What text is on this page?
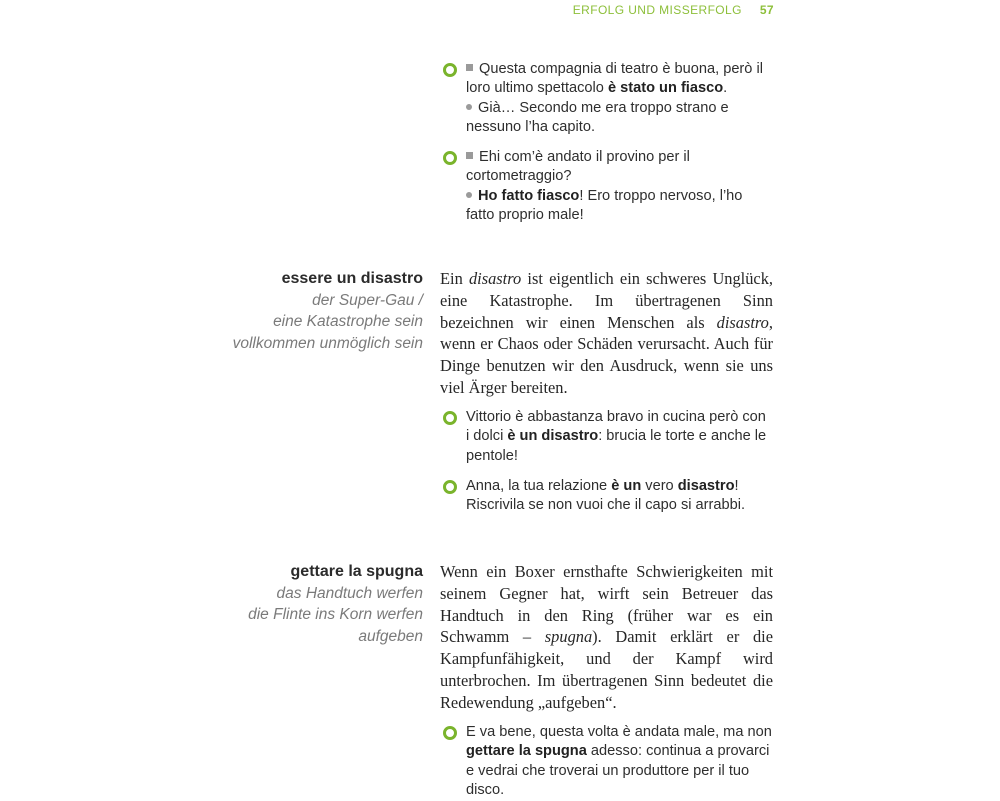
ERFOLG UND MISSERFOLG 57
Questa compagnia di teatro è buona, però il loro ultimo spettacolo è stato un fiasco.
Già… Secondo me era troppo strano e nessuno l’ha capito.
Ehi com’è andato il provino per il cortometraggio?
Ho fatto fiasco! Ero troppo nervoso, l’ho fatto proprio male!
essere un disastro
der Super-Gau /
eine Katastrophe sein
vollkommen unmöglich sein
Ein disastro ist eigentlich ein schweres Unglück, eine Katastrophe. Im übertragenen Sinn bezeichnen wir einen Menschen als disastro, wenn er Chaos oder Schäden verursacht. Auch für Dinge benutzen wir den Ausdruck, wenn sie uns viel Ärger bereiten.
Vittorio è abbastanza bravo in cucina però con i dolci è un disastro: brucia le torte e anche le pentole!
Anna, la tua relazione è un vero disastro! Riscrivila se non vuoi che il capo si arrabbi.
gettare la spugna
das Handtuch werfen
die Flinte ins Korn werfen
aufgeben
Wenn ein Boxer ernsthafte Schwierigkeiten mit seinem Gegner hat, wirft sein Betreuer das Handtuch in den Ring (früher war es ein Schwamm – spugna). Damit erklärt er die Kampfunfähigkeit, und der Kampf wird unterbrochen. Im übertragenen Sinn bedeutet die Redewendung „aufgeben“.
E va bene, questa volta è andata male, ma non gettare la spugna adesso: continua a provarci e vedrai che troverai un produttore per il tuo disco.
